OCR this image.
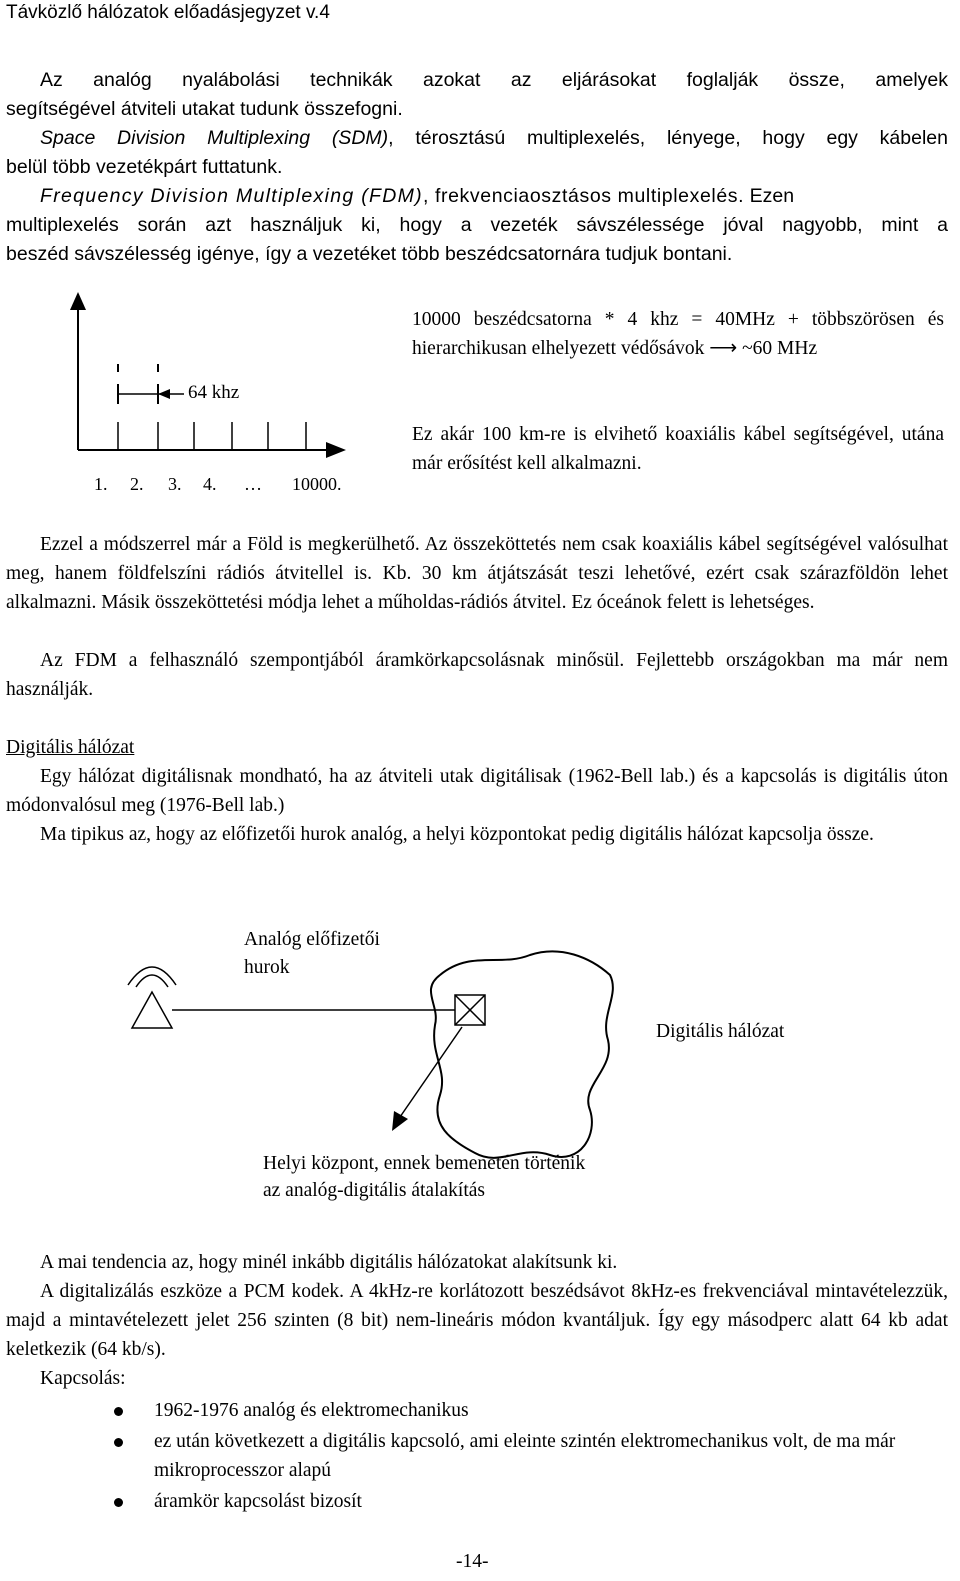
Távközlő hálózatok előadásjegyzet v.4
Az analóg nyalábolási technikák azokat az eljárásokat foglalják össze, amelyek
segítségével átviteli utakat tudunk összefogni.
Space Division Multiplexing (SDM), térosztású multiplexelés, lényege, hogy egy kábelen
belül több vezetékpárt futtatunk.
Frequency Division Multiplexing (FDM), frekvenciaosztásos multiplexelés. Ezen
multiplexelés során azt használjuk ki, hogy a vezeték sávszélessége jóval nagyobb, mint a
beszéd sávszélesség igénye, így a vezetéket több beszédcsatornára tudjuk bontani.
64 khz
1. 2. 3. 4. … 10000.
10000 beszédcsatorna * 4 khz = 40MHz + többszörösen és hierarchikusan elhelyezett védősávok ⟶ ~60 MHz
Ez akár 100 km-re is elvihető koaxiális kábel segítségével, utána már erősítést kell alkalmazni.
Ezzel a módszerrel már a Föld is megkerülhető. Az összeköttetés nem csak koaxiális kábel segítségével valósulhat meg, hanem földfelszíni rádiós átvitellel is. Kb. 30 km átjátszását teszi lehetővé, ezért csak szárazföldön lehet alkalmazni. Másik összeköttetési módja lehet a műholdas-rádiós átvitel. Ez óceánok felett is lehetséges.
Az FDM a felhasználó szempontjából áramkörkapcsolásnak minősül. Fejlettebb országokban ma már nem használják.
Digitális hálózat
Egy hálózat digitálisnak mondható, ha az átviteli utak digitálisak (1962-Bell lab.) és a kapcsolás is digitális úton módonvalósul meg (1976-Bell lab.)
Ma tipikus az, hogy az előfizetői hurok analóg, a helyi központokat pedig digitális hálózat kapcsolja össze.
Analóg előfizetői
hurok
Digitális hálózat
Helyi központ, ennek bemenetén történik
az analóg-digitális átalakítás
A mai tendencia az, hogy minél inkább digitális hálózatokat alakítsunk ki.
A digitalizálás eszköze a PCM kodek. A 4kHz-re korlátozott beszédsávot 8kHz-es frekvenciával mintavételezzük, majd a mintavételezett jelet 256 szinten (8 bit) nem-lineáris módon kvantáljuk. Így egy másodperc alatt 64 kb adat keletkezik (64 kb/s).
Kapcsolás:
1962-1976 analóg és elektromechanikus
ez után következett a digitális kapcsoló, ami eleinte szintén elektromechanikus volt, de ma már mikroprocesszor alapú
áramkör kapcsolást bizosít
-14-
